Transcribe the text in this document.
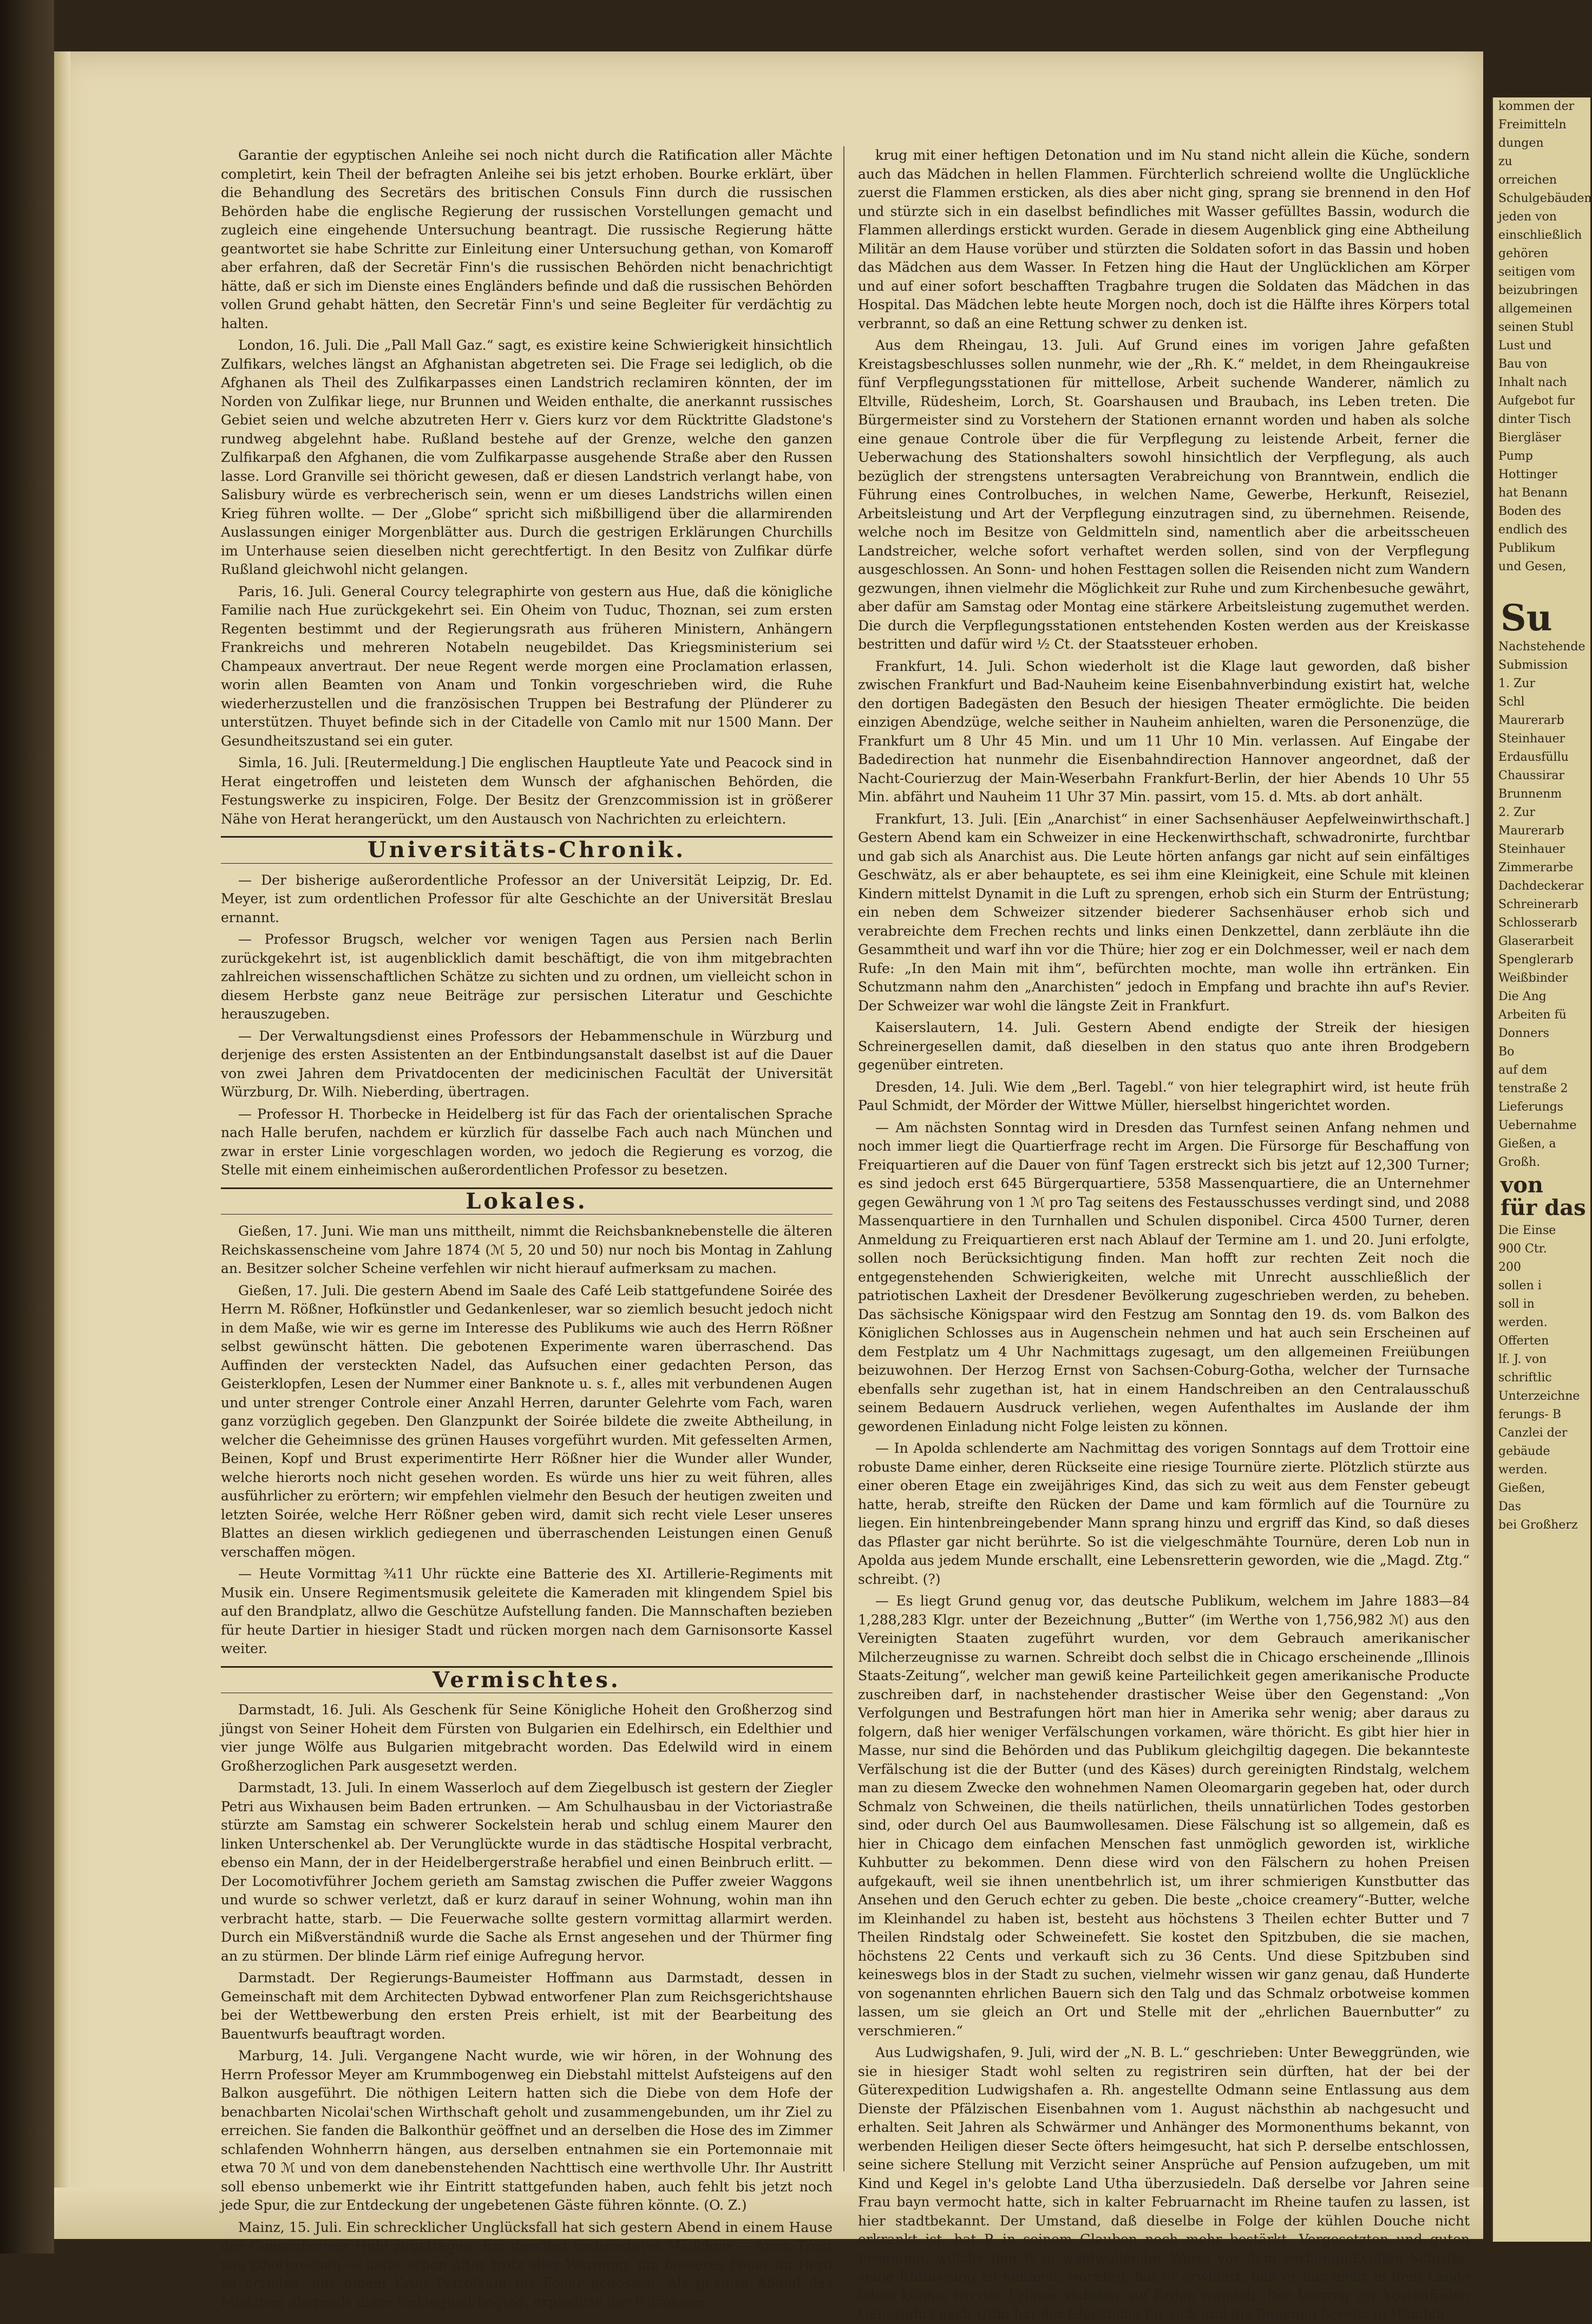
Garantie der egyptischen Anleihe sei noch nicht durch die Ratification aller Mächte completirt, kein Theil der befragten Anleihe sei bis jetzt erhoben. Bourke erklärt, über die Behandlung des Secretärs des britischen Consuls Finn durch die russischen Behörden habe die englische Regierung der russischen Vorstellungen gemacht und zugleich eine eingehende Untersuchung beantragt. Die russische Regierung hätte geantwortet sie habe Schritte zur Einleitung einer Untersuchung gethan, von Komaroff aber erfahren, daß der Secretär Finn's die russischen Behörden nicht benachrichtigt hätte, daß er sich im Dienste eines Engländers befinde und daß die russischen Behörden vollen Grund gehabt hätten, den Secretär Finn's und seine Begleiter für verdächtig zu halten.

London, 16. Juli. Die „Pall Mall Gaz.“ sagt, es existire keine Schwierigkeit hinsichtlich Zulfikars, welches längst an Afghanistan abgetreten sei. Die Frage sei lediglich, ob die Afghanen als Theil des Zulfikarpasses einen Landstrich reclamiren könnten, der im Norden von Zulfikar liege, nur Brunnen und Weiden enthalte, die anerkannt russisches Gebiet seien und welche abzutreten Herr v. Giers kurz vor dem Rücktritte Gladstone's rundweg abgelehnt habe. Rußland bestehe auf der Grenze, welche den ganzen Zulfikarpaß den Afghanen, die vom Zulfikarpasse ausgehende Straße aber den Russen lasse. Lord Granville sei thöricht gewesen, daß er diesen Landstrich verlangt habe, von Salisbury würde es verbrecherisch sein, wenn er um dieses Landstrichs willen einen Krieg führen wollte. — Der „Globe“ spricht sich mißbilligend über die allarmirenden Auslassungen einiger Morgenblätter aus. Durch die gestrigen Erklärungen Churchills im Unterhause seien dieselben nicht gerechtfertigt. In den Besitz von Zulfikar dürfe Rußland gleichwohl nicht gelangen.

Paris, 16. Juli. General Courcy telegraphirte von gestern aus Hue, daß die königliche Familie nach Hue zurückgekehrt sei. Ein Oheim von Tuduc, Thoznan, sei zum ersten Regenten bestimmt und der Regierungsrath aus früheren Ministern, Anhängern Frankreichs und mehreren Notabeln neugebildet. Das Kriegsministerium sei Champeaux anvertraut. Der neue Regent werde morgen eine Proclamation erlassen, worin allen Beamten von Anam und Tonkin vorgeschrieben wird, die Ruhe wiederherzustellen und die französischen Truppen bei Bestrafung der Plünderer zu unterstützen. Thuyet befinde sich in der Citadelle von Camlo mit nur 1500 Mann. Der Gesundheitszustand sei ein guter.

Simla, 16. Juli. [Reutermeldung.] Die englischen Hauptleute Yate und Peacock sind in Herat eingetroffen und leisteten dem Wunsch der afghanischen Behörden, die Festungswerke zu inspiciren, Folge. Der Besitz der Grenzcommission ist in größerer Nähe von Herat herangerückt, um den Austausch von Nachrichten zu erleichtern.

Universitäts-Chronik.

— Der bisherige außerordentliche Professor an der Universität Leipzig, Dr. Ed. Meyer, ist zum ordentlichen Professor für alte Geschichte an der Universität Breslau ernannt.

— Professor Brugsch, welcher vor wenigen Tagen aus Persien nach Berlin zurückgekehrt ist, ist augenblicklich damit beschäftigt, die von ihm mitgebrachten zahlreichen wissenschaftlichen Schätze zu sichten und zu ordnen, um vielleicht schon in diesem Herbste ganz neue Beiträge zur persischen Literatur und Geschichte herauszugeben.

— Der Verwaltungsdienst eines Professors der Hebammenschule in Würzburg und derjenige des ersten Assistenten an der Entbindungsanstalt daselbst ist auf die Dauer von zwei Jahren dem Privatdocenten der medicinischen Facultät der Universität Würzburg, Dr. Wilh. Nieberding, übertragen.

— Professor H. Thorbecke in Heidelberg ist für das Fach der orientalischen Sprache nach Halle berufen, nachdem er kürzlich für dasselbe Fach auch nach München und zwar in erster Linie vorgeschlagen worden, wo jedoch die Regierung es vorzog, die Stelle mit einem einheimischen außerordentlichen Professor zu besetzen.

Lokales.

Gießen, 17. Juni. Wie man uns mittheilt, nimmt die Reichsbanknebenstelle die älteren Reichskassenscheine vom Jahre 1874 (ℳ 5, 20 und 50) nur noch bis Montag in Zahlung an. Besitzer solcher Scheine verfehlen wir nicht hierauf aufmerksam zu machen.

Gießen, 17. Juli. Die gestern Abend im Saale des Café Leib stattgefundene Soirée des Herrn M. Rößner, Hofkünstler und Gedankenleser, war so ziemlich besucht jedoch nicht in dem Maße, wie wir es gerne im Interesse des Publikums wie auch des Herrn Rößner selbst gewünscht hätten. Die gebotenen Experimente waren überraschend. Das Auffinden der versteckten Nadel, das Aufsuchen einer gedachten Person, das Geisterklopfen, Lesen der Nummer einer Banknote u. s. f., alles mit verbundenen Augen und unter strenger Controle einer Anzahl Herren, darunter Gelehrte vom Fach, waren ganz vorzüglich gegeben. Den Glanzpunkt der Soirée bildete die zweite Abtheilung, in welcher die Geheimnisse des grünen Hauses vorgeführt wurden. Mit gefesselten Armen, Beinen, Kopf und Brust experimentirte Herr Rößner hier die Wunder aller Wunder, welche hierorts noch nicht gesehen worden. Es würde uns hier zu weit führen, alles ausführlicher zu erörtern; wir empfehlen vielmehr den Besuch der heutigen zweiten und letzten Soirée, welche Herr Rößner geben wird, damit sich recht viele Leser unseres Blattes an diesen wirklich gediegenen und überraschenden Leistungen einen Genuß verschaffen mögen.

— Heute Vormittag ³⁄₄11 Uhr rückte eine Batterie des XI. Artillerie-Regiments mit Musik ein. Unsere Regimentsmusik geleitete die Kameraden mit klingendem Spiel bis auf den Brandplatz, allwo die Geschütze Aufstellung fanden. Die Mannschaften bezieben für heute Dartier in hiesiger Stadt und rücken morgen nach dem Garnisonsorte Kassel weiter.

Vermischtes.

Darmstadt, 16. Juli. Als Geschenk für Seine Königliche Hoheit den Großherzog sind jüngst von Seiner Hoheit dem Fürsten von Bulgarien ein Edelhirsch, ein Edelthier und vier junge Wölfe aus Bulgarien mitgebracht worden. Das Edelwild wird in einem Großherzoglichen Park ausgesetzt werden.

Darmstadt, 13. Juli. In einem Wasserloch auf dem Ziegelbusch ist gestern der Ziegler Petri aus Wixhausen beim Baden ertrunken. — Am Schulhausbau in der Victoriastraße stürzte am Samstag ein schwerer Sockelstein herab und schlug einem Maurer den linken Unterschenkel ab. Der Verunglückte wurde in das städtische Hospital verbracht, ebenso ein Mann, der in der Heidelbergerstraße herabfiel und einen Beinbruch erlitt. — Der Locomotivführer Jochem gerieth am Samstag zwischen die Puffer zweier Waggons und wurde so schwer verletzt, daß er kurz darauf in seiner Wohnung, wohin man ihn verbracht hatte, starb. — Die Feuerwache sollte gestern vormittag allarmirt werden. Durch ein Mißverständniß wurde die Sache als Ernst angesehen und der Thürmer fing an zu stürmen. Der blinde Lärm rief einige Aufregung hervor.

Darmstadt. Der Regierungs-Baumeister Hoffmann aus Darmstadt, dessen in Gemeinschaft mit dem Architecten Dybwad entworfener Plan zum Reichsgerichtshause bei der Wettbewerbung den ersten Preis erhielt, ist mit der Bearbeitung des Bauentwurfs beauftragt worden.

Marburg, 14. Juli. Vergangene Nacht wurde, wie wir hören, in der Wohnung des Herrn Professor Meyer am Krummbogenweg ein Diebstahl mittelst Aufsteigens auf den Balkon ausgeführt. Die nöthigen Leitern hatten sich die Diebe von dem Hofe der benachbarten Nicolai'schen Wirthschaft geholt und zusammengebunden, um ihr Ziel zu erreichen. Sie fanden die Balkonthür geöffnet und an derselben die Hose des im Zimmer schlafenden Wohnherrn hängen, aus derselben entnahmen sie ein Portemonnaie mit etwa 70 ℳ und von dem danebenstehenden Nachttisch eine werthvolle Uhr. Ihr Austritt soll ebenso unbemerkt wie ihr Eintritt stattgefunden haben, auch fehlt bis jetzt noch jede Spur, die zur Entdeckung der ungebetenen Gäste führen könnte. (O. Z.)

Mainz, 15. Juli. Ein schrecklicher Unglücksfall hat sich gestern Abend in einem Hause der Gonsenheimer Hohl zugetragen. Ein daselbst bedienstetes Mädchen — Anna Trost von Oberbrechen — hatte schon öfter trotz aller Warnung, um besseres Feuer im Herd zu erzielen, aus einem Krug Petroleum ins Feuer gegossen. Als gestern Abend das Mädchen abermals diese Unklugheit beging, explodirte der Petroleum-

krug mit einer heftigen Detonation und im Nu stand nicht allein die Küche, sondern auch das Mädchen in hellen Flammen. Fürchterlich schreiend wollte die Unglückliche zuerst die Flammen ersticken, als dies aber nicht ging, sprang sie brennend in den Hof und stürzte sich in ein daselbst befindliches mit Wasser gefülltes Bassin, wodurch die Flammen allerdings erstickt wurden. Gerade in diesem Augenblick ging eine Abtheilung Militär an dem Hause vorüber und stürzten die Soldaten sofort in das Bassin und hoben das Mädchen aus dem Wasser. In Fetzen hing die Haut der Unglücklichen am Körper und auf einer sofort beschafften Tragbahre trugen die Soldaten das Mädchen in das Hospital. Das Mädchen lebte heute Morgen noch, doch ist die Hälfte ihres Körpers total verbrannt, so daß an eine Rettung schwer zu denken ist.

Aus dem Rheingau, 13. Juli. Auf Grund eines im vorigen Jahre gefaßten Kreistagsbeschlusses sollen nunmehr, wie der „Rh. K.“ meldet, in dem Rheingaukreise fünf Verpflegungsstationen für mittellose, Arbeit suchende Wanderer, nämlich zu Eltville, Rüdesheim, Lorch, St. Goarshausen und Braubach, ins Leben treten. Die Bürgermeister sind zu Vorstehern der Stationen ernannt worden und haben als solche eine genaue Controle über die für Verpflegung zu leistende Arbeit, ferner die Ueberwachung des Stationshalters sowohl hinsichtlich der Verpflegung, als auch bezüglich der strengstens untersagten Verabreichung von Branntwein, endlich die Führung eines Controlbuches, in welchen Name, Gewerbe, Herkunft, Reiseziel, Arbeitsleistung und Art der Verpflegung einzutragen sind, zu übernehmen. Reisende, welche noch im Besitze von Geldmitteln sind, namentlich aber die arbeitsscheuen Landstreicher, welche sofort verhaftet werden sollen, sind von der Verpflegung ausgeschlossen. An Sonn- und hohen Festtagen sollen die Reisenden nicht zum Wandern gezwungen, ihnen vielmehr die Möglichkeit zur Ruhe und zum Kirchenbesuche gewährt, aber dafür am Samstag oder Montag eine stärkere Arbeitsleistung zugemuthet werden. Die durch die Verpflegungsstationen entstehenden Kosten werden aus der Kreiskasse bestritten und dafür wird ¹⁄₂ Ct. der Staatssteuer erhoben.

Frankfurt, 14. Juli. Schon wiederholt ist die Klage laut geworden, daß bisher zwischen Frankfurt und Bad-Nauheim keine Eisenbahnverbindung existirt hat, welche den dortigen Badegästen den Besuch der hiesigen Theater ermöglichte. Die beiden einzigen Abendzüge, welche seither in Nauheim anhielten, waren die Personenzüge, die Frankfurt um 8 Uhr 45 Min. und um 11 Uhr 10 Min. verlassen. Auf Eingabe der Badedirection hat nunmehr die Eisenbahndirection Hannover angeordnet, daß der Nacht-Courierzug der Main-Weserbahn Frankfurt-Berlin, der hier Abends 10 Uhr 55 Min. abfährt und Nauheim 11 Uhr 37 Min. passirt, vom 15. d. Mts. ab dort anhält.

Frankfurt, 13. Juli. [Ein „Anarchist“ in einer Sachsenhäuser Aepfelweinwirthschaft.] Gestern Abend kam ein Schweizer in eine Heckenwirthschaft, schwadronirte, furchtbar und gab sich als Anarchist aus. Die Leute hörten anfangs gar nicht auf sein einfältiges Geschwätz, als er aber behauptete, es sei ihm eine Kleinigkeit, eine Schule mit kleinen Kindern mittelst Dynamit in die Luft zu sprengen, erhob sich ein Sturm der Entrüstung; ein neben dem Schweizer sitzender biederer Sachsenhäuser erhob sich und verabreichte dem Frechen rechts und links einen Denkzettel, dann zerbläute ihn die Gesammtheit und warf ihn vor die Thüre; hier zog er ein Dolchmesser, weil er nach dem Rufe: „In den Main mit ihm“, befürchten mochte, man wolle ihn ertränken. Ein Schutzmann nahm den „Anarchisten“ jedoch in Empfang und brachte ihn auf's Revier. Der Schweizer war wohl die längste Zeit in Frankfurt.

Kaiserslautern, 14. Juli. Gestern Abend endigte der Streik der hiesigen Schreinergesellen damit, daß dieselben in den status quo ante ihren Brodgebern gegenüber eintreten.

Dresden, 14. Juli. Wie dem „Berl. Tagebl.“ von hier telegraphirt wird, ist heute früh Paul Schmidt, der Mörder der Wittwe Müller, hierselbst hingerichtet worden.

— Am nächsten Sonntag wird in Dresden das Turnfest seinen Anfang nehmen und noch immer liegt die Quartierfrage recht im Argen. Die Fürsorge für Beschaffung von Freiquartieren auf die Dauer von fünf Tagen erstreckt sich bis jetzt auf 12,300 Turner; es sind jedoch erst 645 Bürgerquartiere, 5358 Massenquartiere, die an Unternehmer gegen Gewährung von 1 ℳ pro Tag seitens des Festausschusses verdingt sind, und 2088 Massenquartiere in den Turnhallen und Schulen disponibel. Circa 4500 Turner, deren Anmeldung zu Freiquartieren erst nach Ablauf der Termine am 1. und 20. Juni erfolgte, sollen noch Berücksichtigung finden. Man hofft zur rechten Zeit noch die entgegenstehenden Schwierigkeiten, welche mit Unrecht ausschließlich der patriotischen Laxheit der Dresdener Bevölkerung zugeschrieben werden, zu beheben. Das sächsische Königspaar wird den Festzug am Sonntag den 19. ds. vom Balkon des Königlichen Schlosses aus in Augenschein nehmen und hat auch sein Erscheinen auf dem Festplatz um 4 Uhr Nachmittags zugesagt, um den allgemeinen Freiübungen beizuwohnen. Der Herzog Ernst von Sachsen-Coburg-Gotha, welcher der Turnsache ebenfalls sehr zugethan ist, hat in einem Handschreiben an den Centralausschuß seinem Bedauern Ausdruck verliehen, wegen Aufenthaltes im Auslande der ihm gewordenen Einladung nicht Folge leisten zu können.

— In Apolda schlenderte am Nachmittag des vorigen Sonntags auf dem Trottoir eine robuste Dame einher, deren Rückseite eine riesige Tournüre zierte. Plötzlich stürzte aus einer oberen Etage ein zweijähriges Kind, das sich zu weit aus dem Fenster gebeugt hatte, herab, streifte den Rücken der Dame und kam förmlich auf die Tournüre zu liegen. Ein hintenbreingebender Mann sprang hinzu und ergriff das Kind, so daß dieses das Pflaster gar nicht berührte. So ist die vielgeschmähte Tournüre, deren Lob nun in Apolda aus jedem Munde erschallt, eine Lebensretterin geworden, wie die „Magd. Ztg.“ schreibt. (?)

— Es liegt Grund genug vor, das deutsche Publikum, welchem im Jahre 1883—84 1,288,283 Klgr. unter der Bezeichnung „Butter“ (im Werthe von 1,756,982 ℳ) aus den Vereinigten Staaten zugeführt wurden, vor dem Gebrauch amerikanischer Milcherzeugnisse zu warnen. Schreibt doch selbst die in Chicago erscheinende „Illinois Staats-Zeitung“, welcher man gewiß keine Parteilichkeit gegen amerikanische Producte zuschreiben darf, in nachstehender drastischer Weise über den Gegenstand: „Von Verfolgungen und Bestrafungen hört man hier in Amerika sehr wenig; aber daraus zu folgern, daß hier weniger Verfälschungen vorkamen, wäre thöricht. Es gibt hier hier in Masse, nur sind die Behörden und das Publikum gleichgiltig dagegen. Die bekannteste Verfälschung ist die der Butter (und des Käses) durch gereinigten Rindstalg, welchem man zu diesem Zwecke den wohnehmen Namen Oleomargarin gegeben hat, oder durch Schmalz von Schweinen, die theils natürlichen, theils unnatürlichen Todes gestorben sind, oder durch Oel aus Baumwollesamen. Diese Fälschung ist so allgemein, daß es hier in Chicago dem einfachen Menschen fast unmöglich geworden ist, wirkliche Kuhbutter zu bekommen. Denn diese wird von den Fälschern zu hohen Preisen aufgekauft, weil sie ihnen unentbehrlich ist, um ihrer schmierigen Kunstbutter das Ansehen und den Geruch echter zu geben. Die beste „choice creamery“-Butter, welche im Kleinhandel zu haben ist, besteht aus höchstens 3 Theilen echter Butter und 7 Theilen Rindstalg oder Schweinefett. Sie kostet den Spitzbuben, die sie machen, höchstens 22 Cents und verkauft sich zu 36 Cents. Und diese Spitzbuben sind keineswegs blos in der Stadt zu suchen, vielmehr wissen wir ganz genau, daß Hunderte von sogenannten ehrlichen Bauern sich den Talg und das Schmalz orbotweise kommen lassen, um sie gleich an Ort und Stelle mit der „ehrlichen Bauernbutter“ zu verschmieren.“

Aus Ludwigshafen, 9. Juli, wird der „N. B. L.“ geschrieben: Unter Beweggründen, wie sie in hiesiger Stadt wohl selten zu registriren sein dürften, hat der bei der Güterexpedition Ludwigshafen a. Rh. angestellte Odmann seine Entlassung aus dem Dienste der Pfälzischen Eisenbahnen vom 1. August nächsthin ab nachgesucht und erhalten. Seit Jahren als Schwärmer und Anhänger des Mormonenthums bekannt, von werbenden Heiligen dieser Secte öfters heimgesucht, hat sich P. derselbe entschlossen, seine sichere Stellung mit Verzicht seiner Ansprüche auf Pension aufzugeben, um mit Kind und Kegel in's gelobte Land Utha überzusiedeln. Daß derselbe vor Jahren seine Frau bayn vermocht hatte, sich in kalter Februarnacht im Rheine taufen zu lassen, ist hier stadtbekannt. Der Umstand, daß dieselbe in Folge der kühlen Douche nicht erkrankt ist, hat P. in seinem Glauben noch mehr bestärkt. Vorgesetzten und guten Freunden, welche den P. in wohlwollender Weise vor dem verhängnißvollen Schritte, seine Entlassung zu nehmen, warnten, hat er erwidert, daß er nur mehr in dem Lande leben könne, wo der Erlöser sichtbar auf Erden wandelt. Der Vertrag zur kostenfreien Ueberfahrt nach Utha hat der Glückliche für sich und die Seinigen bereits in Händen.

kommen der

Freimitteln

dungen

zu

orreichen

Schulgebäuden

jeden von

einschließlich

gehören

seitigen vom

beizubringen

allgemeinen

seinen Stubl

Lust und

Bau von

Inhalt nach

Aufgebot fur

dinter Tisch

Biergläser

Pump

Hottinger

hat Benann

Boden des

endlich des

Publikum

und Gesen,

Su

Nachstehende

Submission

1. Zur

Schl

Maurerarb

Steinhauer

Erdausfüllu

Chaussirar

Brunnenm

2. Zur

Maurerarb

Steinhauer

Zimmerarbe

Dachdeckerar

Schreinerarb

Schlosserarb

Glaserarbeit

Spenglerarb

Weißbinder

Die Ang

Arbeiten fü

Donners

Bo

auf dem

tenstraße 2

Lieferungs

Uebernahme

Gießen, a

Großh.

von

für das

Die Einse

900 Ctr.

200

sollen i

soll in

werden.

Offerten

lf. J. von

schriftlic

Unterzeichne

ferungs- B

Canzlei der

gebäude

werden.

Gießen,

Das

bei Großherz
